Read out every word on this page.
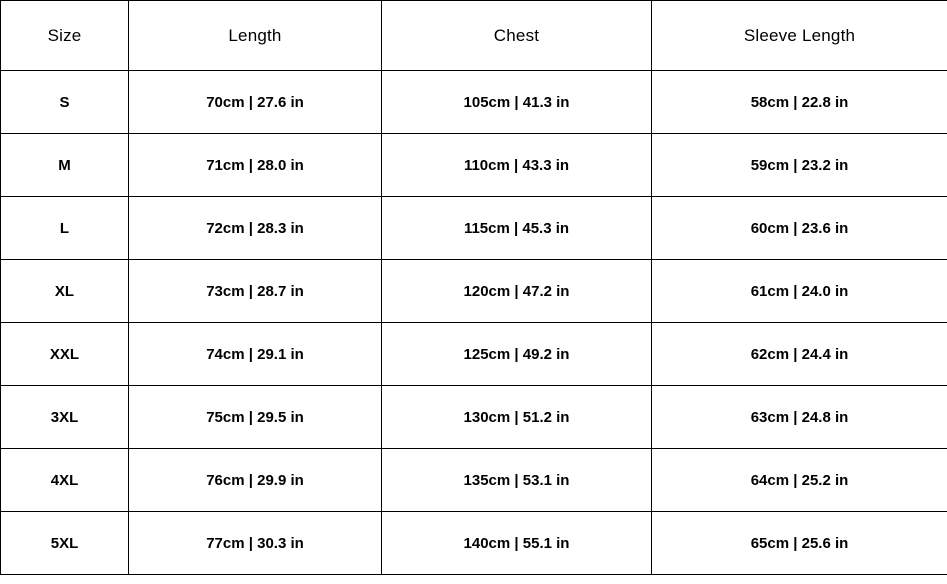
Size	Length	Chest	Sleeve Length
S	70cm | 27.6 in	105cm | 41.3 in	58cm | 22.8 in
M	71cm | 28.0 in	110cm | 43.3 in	59cm | 23.2 in
L	72cm | 28.3 in	115cm | 45.3 in	60cm | 23.6 in
XL	73cm | 28.7 in	120cm | 47.2 in	61cm | 24.0 in
XXL	74cm | 29.1 in	125cm | 49.2 in	62cm | 24.4 in
3XL	75cm | 29.5 in	130cm | 51.2 in	63cm | 24.8 in
4XL	76cm | 29.9 in	135cm | 53.1 in	64cm | 25.2 in
5XL	77cm | 30.3 in	140cm | 55.1 in	65cm | 25.6 in
